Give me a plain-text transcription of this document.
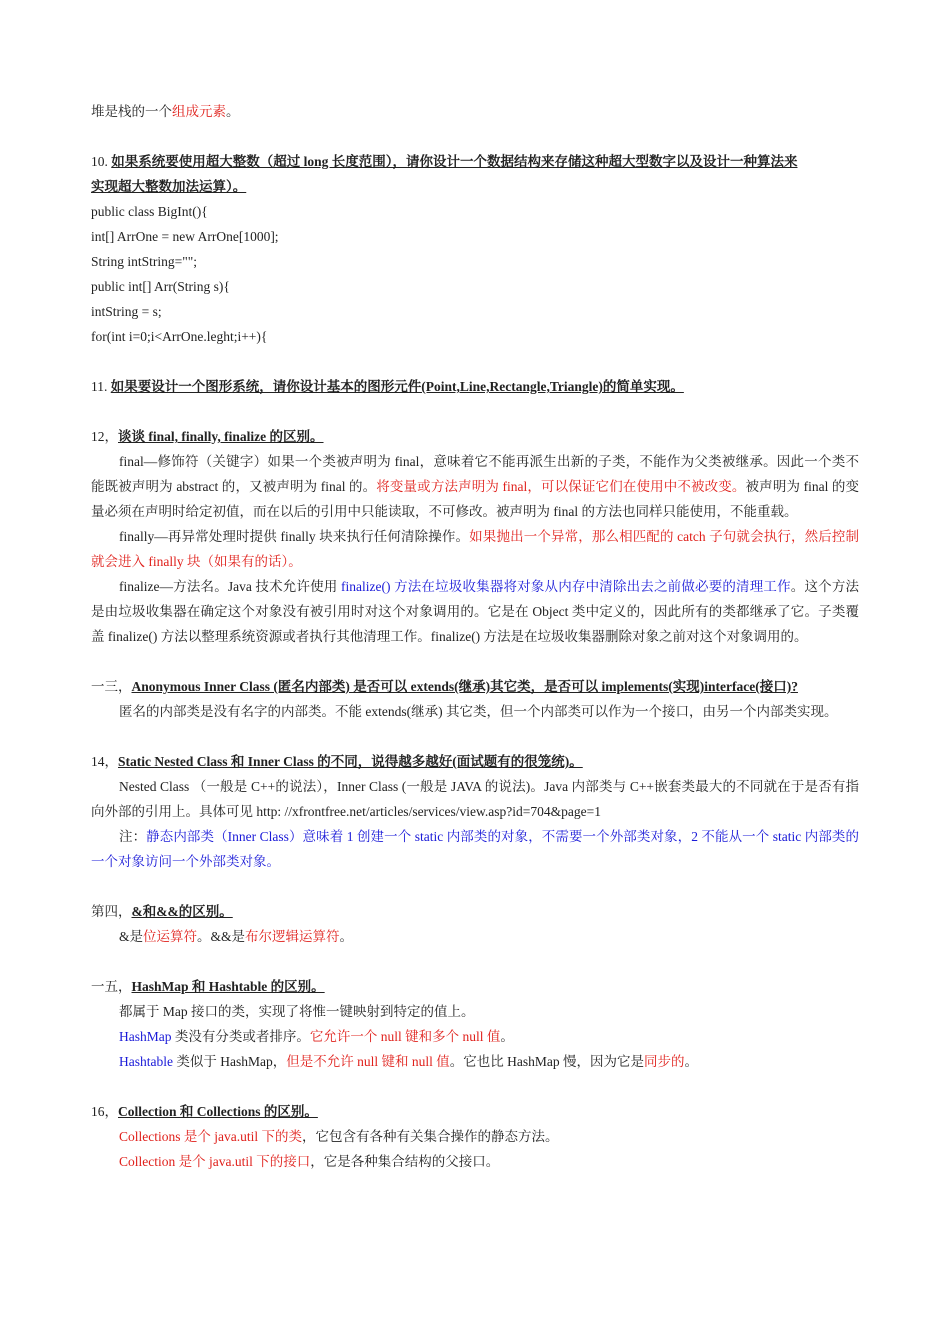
堆是栈的一个组成元素。
10. 如果系统要使用超大整数（超过 long 长度范围），请你设计一个数据结构来存储这种超大型数字以及设计一种算法来
实现超大整数加法运算）。
public class BigInt(){
int[] ArrOne = new ArrOne[1000];
String intString="";
public int[] Arr(String s){
intString = s;
for(int i=0;i<ArrOne.leght;i++){
11. 如果要设计一个图形系统，请你设计基本的图形元件(Point,Line,Rectangle,Triangle)的简单实现。
12，谈谈 final, finally, finalize 的区别。
final—修饰符（关键字）如果一个类被声明为 final，意味着它不能再派生出新的子类，不能作为父类被继承。因此一个类不能既被声明为 abstract 的，又被声明为 final 的。将变量或方法声明为 final，可以保证它们在使用中不被改变。被声明为 final 的变量必须在声明时给定初值，而在以后的引用中只能读取，不可修改。被声明为 final 的方法也同样只能使用，不能重载。
finally—再异常处理时提供 finally 块来执行任何清除操作。如果抛出一个异常，那么相匹配的 catch 子句就会执行，然后控制就会进入 finally 块（如果有的话）。
finalize—方法名。Java 技术允许使用 finalize() 方法在垃圾收集器将对象从内存中清除出去之前做必要的清理工作。这个方法是由垃圾收集器在确定这个对象没有被引用时对这个对象调用的。它是在 Object 类中定义的，因此所有的类都继承了它。子类覆盖 finalize() 方法以整理系统资源或者执行其他清理工作。finalize() 方法是在垃圾收集器删除对象之前对这个对象调用的。
一三，Anonymous Inner Class (匿名内部类) 是否可以 extends(继承)其它类，是否可以 implements(实现)interface(接口)?
匿名的内部类是没有名字的内部类。不能 extends(继承) 其它类，但一个内部类可以作为一个接口，由另一个内部类实现。
14，Static Nested Class 和 Inner Class 的不同，说得越多越好(面试题有的很笼统)。
Nested Class （一般是 C++的说法），Inner Class (一般是 JAVA 的说法)。Java 内部类与 C++嵌套类最大的不同就在于是否有指向外部的引用上。具体可见 http: //xfrontfree.net/articles/services/view.asp?id=704&page=1
注：静态内部类（Inner Class）意味着 1 创建一个 static 内部类的对象，不需要一个外部类对象，2 不能从一个 static 内部类的一个对象访问一个外部类对象。
第四，&和&&的区别。
&是位运算符。&&是布尔逻辑运算符。
一五，HashMap 和 Hashtable 的区别。
都属于 Map 接口的类，实现了将惟一键映射到特定的值上。
HashMap 类没有分类或者排序。它允许一个 null 键和多个 null 值。
Hashtable 类似于 HashMap，但是不允许 null 键和 null 值。它也比 HashMap 慢，因为它是同步的。
16，Collection 和 Collections 的区别。
Collections 是个 java.util 下的类，它包含有各种有关集合操作的静态方法。
Collection 是个 java.util 下的接口，它是各种集合结构的父接口。
